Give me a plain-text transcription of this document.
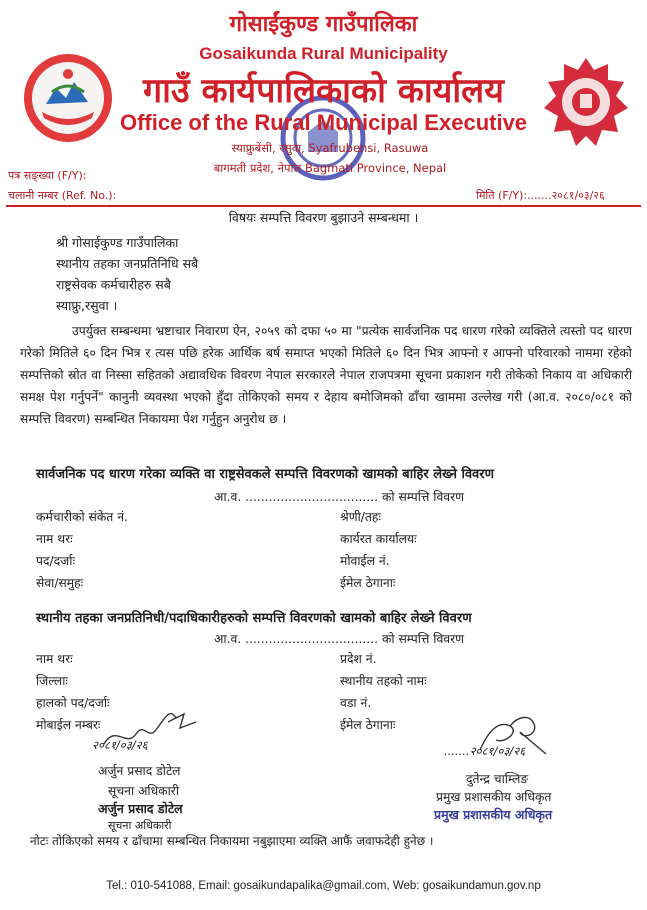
गोसाईंकुण्ड गाउँपालिका
Gosaikunda Rural Municipality
गाउँ कार्यपालिकाको कार्यालय
Office of the Rural Municipal Executive
स्याफ्रुबेंसी, रसुवा, Syafrubensi, Rasuwa
बागमती प्रदेश, नेपाल Bagmati Province, Nepal
पत्र सङ्ख्या (F/Y):
चलानी नम्बर (Ref. No.):	मिति (F/Y):.......२०८१/०३/२६
विषयः सम्पत्ति विवरण बुझाउने सम्बन्धमा ।
श्री गोसाईकुण्ड गाउँपालिका
स्थानीय तहका जनप्रतिनिधि सबै
राष्ट्रसेवक कर्मचारीहरु सबै
स्याफ्रु,रसुवा ।
उपर्युक्त सम्बन्धमा भ्रष्टाचार निवारण ऐन, २०५९ को दफा ५० मा "प्रत्येक सार्वजनिक पद धारण गरेको व्यक्तिले त्यस्तो पद धारण गरेको मितिले ६० दिन भित्र र त्यस पछि हरेक आर्थिक बर्ष समाप्त भएको मितिले ६० दिन भित्र आफ्नो र आफ्नो परिवारको नाममा रहेको सम्पत्तिको स्रोत वा निस्सा सहितको अद्यावधिक विवरण नेपाल सरकारले नेपाल राजपत्रमा सूचना प्रकाशन गरी तोकेको निकाय वा अधिकारी समक्ष पेश गर्नुपर्ने" कानुनी व्यवस्था भएको हुँदा तोकिएको समय र देहाय बमोजिमको ढाँचा खाममा उल्लेख गरी (आ.व. २०८०/०८१ को सम्पत्ति विवरण) सम्बन्धित निकायमा पेश गर्नुहुन अनुरोध छ ।
सार्वजनिक पद धारण गरेका व्यक्ति वा राष्ट्रसेवकले सम्पत्ति विवरणको खामको बाहिर लेख्ने विवरण
आ.व. .................................. को सम्पत्ति विवरण
कर्मचारीको संकेत नं.
नाम थरः
पद/दर्जाः
सेवा/समुहः
श्रेणी/तहः
कार्यरत कार्यालयः
मोवाईल नं.
ईमेल ठेगानाः
स्थानीय तहका जनप्रतिनिधी/पदाधिकारीहरुको सम्पत्ति विवरणको खामको बाहिर लेख्ने विवरण
आ.व. .................................. को सम्पत्ति विवरण
नाम थरः
जिल्लाः
हालको पद/दर्जाः
मोबाईल नम्बरः
प्रदेश नं.
स्थानीय तहको नामः
वडा नं.
ईमेल ठेगानाः
२०८१/०३/२६
अर्जुन प्रसाद डोटेल
सूचना अधिकारी
अर्जुन प्रसाद डोटेल
सूचना अधिकारी
.......२०८१/०३/२६
दुतेन्द्र चाम्लिङ
प्रमुख प्रशासकीय अधिकृत
प्रमुख प्रशासकीय अधिकृत
नोटः तोकिएको समय र ढाँचामा सम्बन्धित निकायमा नबुझाएमा व्यक्ति आफैं जवाफदेही हुनेछ ।
Tel.: 010-541088, Email: gosaikundapalika@gmail.com, Web: gosaikundamun.gov.np
